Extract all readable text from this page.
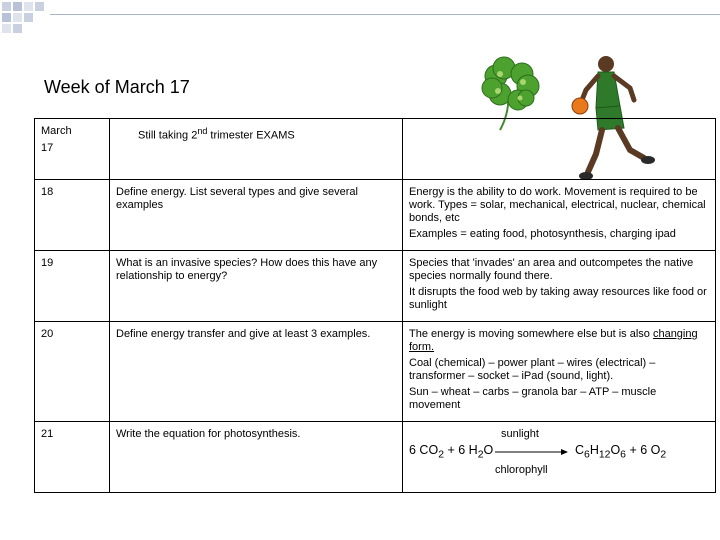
Week of March 17
March
17	Still taking 2nd trimester EXAMS	
18	Define energy. List several types and give several examples	Energy is the ability to do work. Movement is required to be work. Types = solar, mechanical, electrical, nuclear, chemical bonds, etc
Examples = eating food, photosynthesis, charging ipad

19	What is an invasive species? How does this have any relationship to energy?	Species that 'invades' an area and outcompetes the native species normally found there.
It disrupts the food web by taking away resources like food or sunlight

20	Define energy transfer and give at least 3 examples.	The energy is moving somewhere else but is also changing form.
Coal (chemical) – power plant – wires (electrical) – transformer – socket – iPad (sound, light).
Sun – wheat – carbs – granola bar – ATP – muscle movement

21	Write the equation for photosynthesis.	sunlight
6 $CO_2 + 6$ $H_2O$ $C_6H_{12}O_6 + 6$ $O_2$
chlorophyll
